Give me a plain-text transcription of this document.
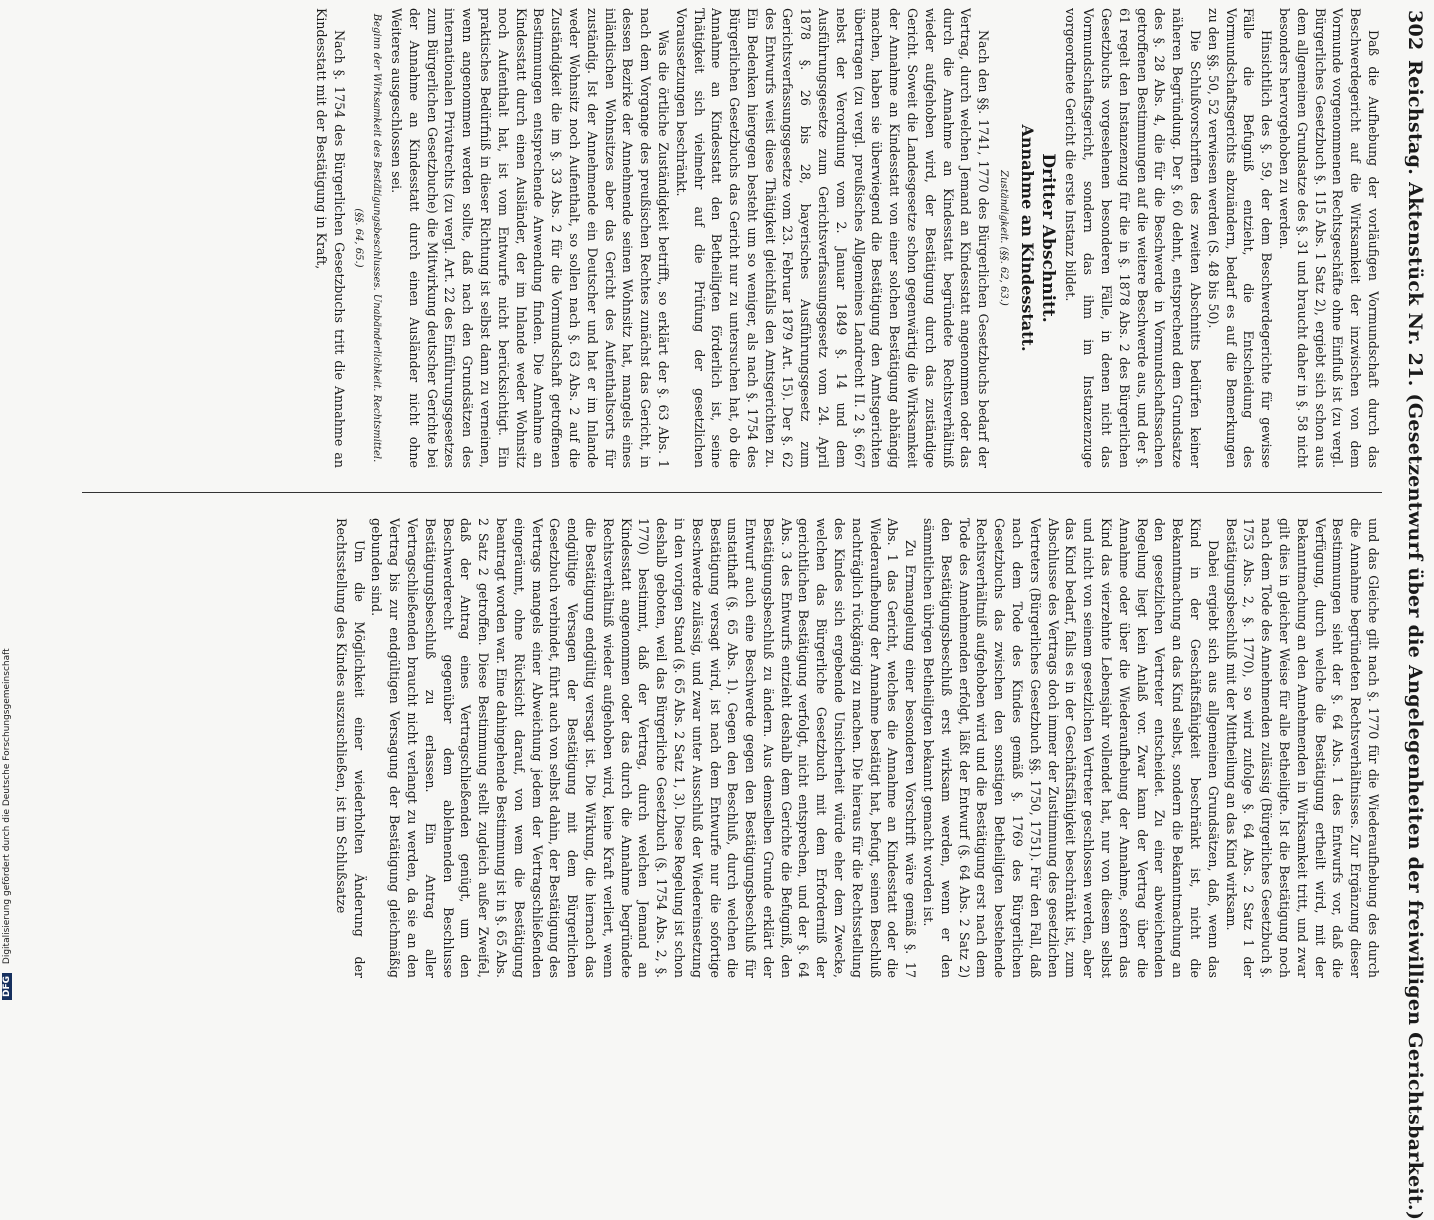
302
Reichstag. Aktenstück Nr. 21. (Gesetzentwurf über die Angelegenheiten der freiwilligen Gerichtsbarkeit.)

Daß die Aufhebung der vorläufigen Vormundschaft durch das Beschwerdegericht auf die Wirksamkeit der inzwischen von dem Vormunde vorgenommenen Rechtsgeschäfte ohne Einfluß ist (zu vergl. Bürgerliches Gesetzbuch §. 115 Abs. 1 Satz 2), ergiebt sich schon aus dem allgemeinen Grundsatze des §. 31 und braucht daher in §. 58 nicht besonders hervorgehoben zu werden.

Hinsichtlich des §. 59, der dem Beschwerdegerichte für gewisse Fälle die Befugniß entzieht, die Entscheidung des Vormundschaftsgerichts abzuändern, bedarf es auf die Bemerkungen zu den §§. 50, 52 verwiesen werden (S. 48 bis 50).

Die Schlußvorschriften des zweiten Abschnitts bedürfen keiner näheren Begründung. Der §. 60 dehnt, entsprechend dem Grundsatze des §. 28 Abs. 4, die für die Beschwerde in Vormundschaftssachen getroffenen Bestimmungen auf die weitere Beschwerde aus, und der §. 61 regelt den Instanzenzug für die in §. 1878 Abs. 2 des Bürgerlichen Gesetzbuchs vorgesehenen besonderen Fälle, in denen nicht das Vormundschaftsgericht, sondern das ihm im Instanzenzuge vorgeordnete Gericht die erste Instanz bildet.

Dritter Abschnitt.
Annahme an Kindesstatt.
Zuständigkeit. (§§. 62, 63.)

Nach den §§. 1741, 1770 des Bürgerlichen Gesetzbuchs bedarf der Vertrag, durch welchen Jemand an Kindesstatt angenommen oder das durch die Annahme an Kindesstatt begründete Rechtsverhältniß wieder aufgehoben wird, der Bestätigung durch das zuständige Gericht. Soweit die Landesgesetze schon gegenwärtig die Wirksamkeit der Annahme an Kindesstatt von einer solchen Bestätigung abhängig machen, haben sie überwiegend die Bestätigung den Amtsgerichten übertragen (zu vergl. preußisches Allgemeines Landrecht II. 2 §. 667 nebst der Verordnung vom 2. Januar 1849 §. 14 und dem Ausführungsgesetze zum Gerichtsverfassungsgesetz vom 24. April 1878 §. 26 bis 28, bayerisches Ausführungsgesetz zum Gerichtsverfassungsgesetze vom 23. Februar 1879 Art. 15). Der §. 62 des Entwurfs weist diese Thätigkeit gleichfalls den Amtsgerichten zu. Ein Bedenken hiergegen besteht um so weniger, als nach §. 1754 des Bürgerlichen Gesetzbuchs das Gericht nur zu untersuchen hat, ob die Annahme an Kindesstatt den Betheiligten förderlich ist, seine Thätigkeit sich vielmehr auf die Prüfung der gesetzlichen Voraussetzungen beschränkt.

Was die örtliche Zuständigkeit betrifft, so erklärt der §. 63 Abs. 1 nach dem Vorgange des preußischen Rechtes zunächst das Gericht, in dessen Bezirke der Annehmende seinen Wohnsitz hat, mangels eines inländischen Wohnsitzes aber das Gericht des Aufenthaltsorts für zuständig. Ist der Annehmende ein Deutscher und hat er im Inlande weder Wohnsitz noch Aufenthalt, so sollen nach §. 63 Abs. 2 auf die Zuständigkeit die im §. 33 Abs. 2 für die Vormundschaft getroffenen Bestimmungen entsprechende Anwendung finden. Die Annahme an Kindesstatt durch einen Ausländer, der im Inlande weder Wohnsitz noch Aufenthalt hat, ist vom Entwurfe nicht berücksichtigt. Ein praktisches Bedürfniß in dieser Richtung ist selbst dann zu verneinen, wenn angenommen werden sollte, daß nach den Grundsätzen des internationalen Privatrechts (zu vergl. Art. 22 des Einführungsgesetzes zum Bürgerlichen Gesetzbuche) die Mitwirkung deutscher Gerichte bei der Annahme an Kindesstatt durch einen Ausländer nicht ohne Weiteres ausgeschlossen sei.

Beginn der Wirksamkeit des Bestätigungsbeschlusses. Unabänderlichkeit. Rechtsmittel. (§§. 64, 65.)

Nach §. 1754 des Bürgerlichen Gesetzbuchs tritt die Annahme an Kindesstatt mit der Bestätigung in Kraft,

und das Gleiche gilt nach §. 1770 für die Wiederaufhebung des durch die Annahme begründeten Rechtsverhältnisses. Zur Ergänzung dieser Bestimmungen sieht der §. 64 Abs. 1 des Entwurfs vor, daß die Verfügung, durch welche die Bestätigung ertheilt wird, mit der Bekanntmachung an den Annehmenden in Wirksamkeit tritt, und zwar gilt dies in gleicher Weise für alle Betheiligte. Ist die Bestätigung noch nach dem Tode des Annehmenden zulässig (Bürgerliches Gesetzbuch §. 1753 Abs. 2, §. 1770), so wird zufolge §. 64 Abs. 2 Satz 1 der Bestätigungsbeschluß mit der Mittheilung an das Kind wirksam.

Dabei ergiebt sich aus allgemeinen Grundsätzen, daß, wenn das Kind in der Geschäftsfähigkeit beschränkt ist, nicht die Bekanntmachung an das Kind selbst, sondern die Bekanntmachung an den gesetzlichen Vertreter entscheidet. Zu einer abweichenden Regelung liegt kein Anlaß vor. Zwar kann der Vertrag über die Annahme oder über die Wiederaufhebung der Annahme, sofern das Kind das vierzehnte Lebensjahr vollendet hat, nur von diesem selbst und nicht von seinem gesetzlichen Vertreter geschlossen werden, aber das Kind bedarf, falls es in der Geschäftsfähigkeit beschränkt ist, zum Abschlusse des Vertrags doch immer der Zustimmung des gesetzlichen Vertreters (Bürgerliches Gesetzbuch §§. 1750, 1751). Für den Fall, daß nach dem Tode des Kindes gemäß §. 1769 des Bürgerlichen Gesetzbuchs das zwischen den sonstigen Betheiligten bestehende Rechtsverhältniß aufgehoben wird und die Bestätigung erst nach dem Tode des Annehmenden erfolgt, läßt der Entwurf (§. 64 Abs. 2 Satz 2) den Bestätigungsbeschluß erst wirksam werden, wenn er den sämmtlichen übrigen Betheiligten bekannt gemacht worden ist.

Zu Ermangelung einer besonderen Vorschrift wäre gemäß §. 17 Abs. 1 das Gericht, welches die Annahme an Kindesstatt oder die Wiederaufhebung der Annahme bestätigt hat, befugt, seinen Beschluß nachträglich rückgängig zu machen. Die hieraus für die Rechtsstellung des Kindes sich ergebende Unsicherheit würde eher dem Zwecke, welchen das Bürgerliche Gesetzbuch mit dem Erforderniß der gerichtlichen Bestätigung verfolgt, nicht entsprechen, und der §. 64 Abs. 3 des Entwurfs entzieht deshalb dem Gerichte die Befugniß, den Bestätigungsbeschluß zu ändern. Aus demselben Grunde erklärt der Entwurf auch eine Beschwerde gegen den Bestätigungsbeschluß für unstatthaft (§. 65 Abs. 1). Gegen den Beschluß, durch welchen die Bestätigung versagt wird, ist nach dem Entwurfe nur die sofortige Beschwerde zulässig, und zwar unter Ausschluß der Wiedereinsetzung in den vorigen Stand (§. 65 Abs. 2 Satz 1, 3). Diese Regelung ist schon deshalb geboten, weil das Bürgerliche Gesetzbuch (§. 1754 Abs. 2, §. 1770) bestimmt, daß der Vertrag, durch welchen Jemand an Kindesstatt angenommen oder das durch die Annahme begründete Rechtsverhältniß wieder aufgehoben wird, keine Kraft verliert, wenn die Bestätigung endgültig versagt ist. Die Wirkung, die hiernach das endgültige Versagen der Bestätigung mit dem Bürgerlichen Gesetzbuch verbindet, führt auch von selbst dahin, der Bestätigung des Vertrags mangels einer Abweichung jedem der Vertragschließenden eingeräumt, ohne Rücksicht darauf, von wem die Bestätigung beantragt worden war. Eine dahingehende Bestimmung ist in §. 65 Abs. 2 Satz 2 getroffen. Diese Bestimmung stellt zugleich außer Zweifel, daß der Antrag eines Vertragschließenden genügt, um den Beschwerderecht gegenüber dem ablehnenden Beschlusse Bestätigungsbeschluß zu erlassen. Ein Antrag aller Vertragschließenden braucht nicht verlangt zu werden, da sie an den Vertrag bis zur endgültigen Versagung der Bestätigung gleichmäßig gebunden sind.

Um die Möglichkeit einer wiederholten Änderung der Rechtsstellung des Kindes auszuschließen, ist im Schlußsatze

DFG Digitalisierung gefördert durch die Deutsche Forschungsgemeinschaft
